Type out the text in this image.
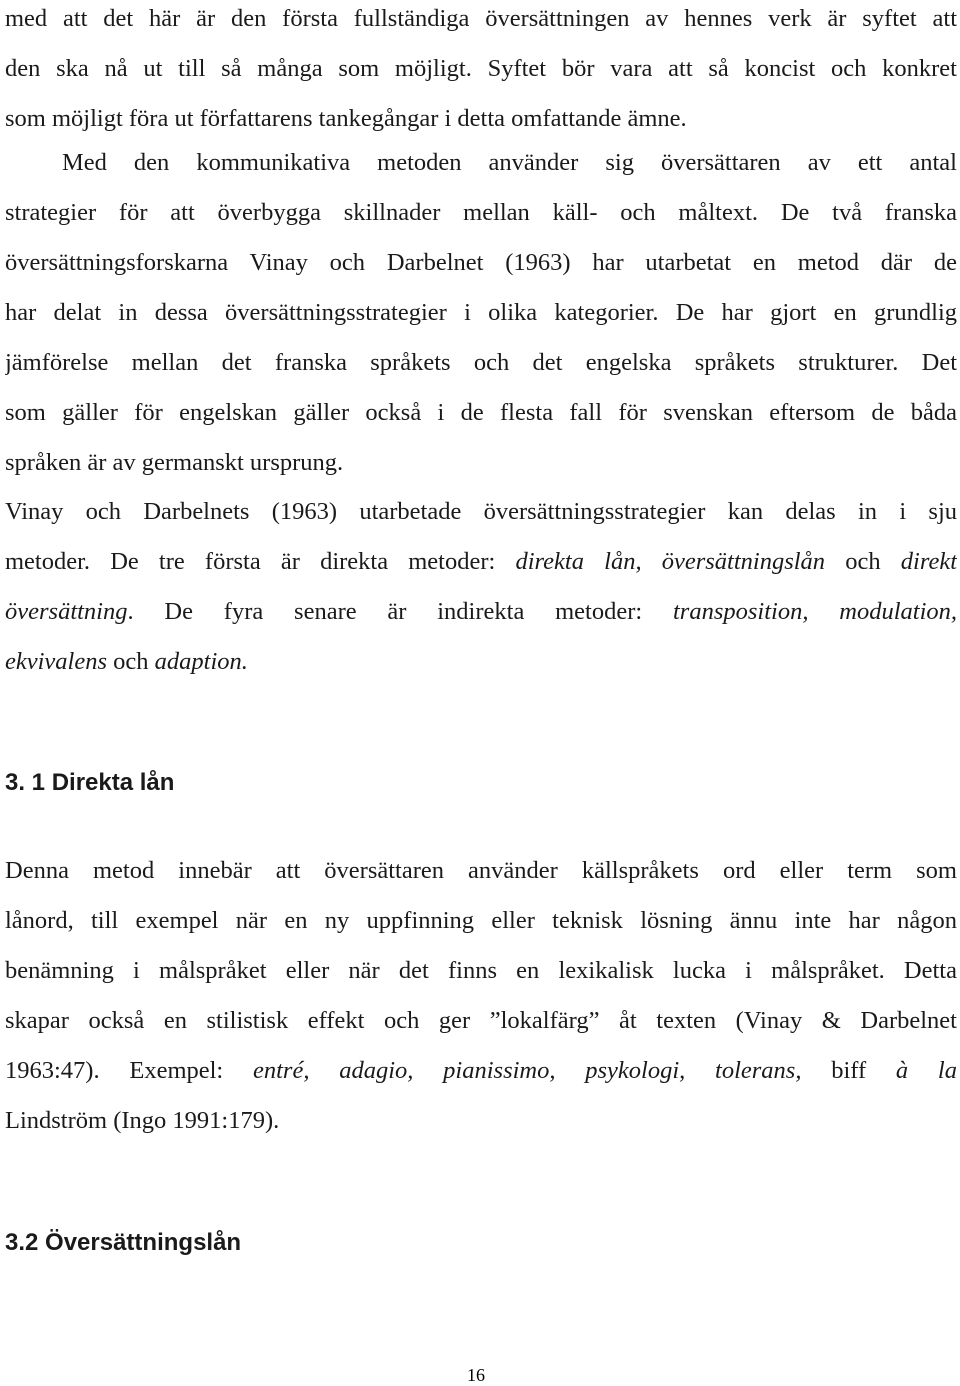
med att det här är den första fullständiga översättningen av hennes verk är syftet att
den ska nå ut till så många som möjligt. Syftet bör vara att så koncist och konkret
som möjligt föra ut författarens tankegångar i detta omfattande ämne.
Med den kommunikativa metoden använder sig översättaren av ett antal
strategier för att överbygga skillnader mellan käll- och måltext. De två franska
översättningsforskarna Vinay och Darbelnet (1963) har utarbetat en metod där de
har delat in dessa översättningsstrategier i olika kategorier. De har gjort en grundlig
jämförelse mellan det franska språkets och det engelska språkets strukturer. Det
som gäller för engelskan gäller också i de flesta fall för svenskan eftersom de båda
språken är av germanskt ursprung.
Vinay och Darbelnets (1963) utarbetade översättningsstrategier kan delas in i sju
metoder. De tre första är direkta metoder: direkta lån, översättningslån och direkt
översättning. De fyra senare är indirekta metoder: transposition, modulation,
ekvivalens och adaption.
3. 1 Direkta lån
Denna metod innebär att översättaren använder källspråkets ord eller term som
lånord, till exempel när en ny uppfinning eller teknisk lösning ännu inte har någon
benämning i målspråket eller när det finns en lexikalisk lucka i målspråket. Detta
skapar också en stilistisk effekt och ger ”lokalfärg” åt texten (Vinay & Darbelnet
1963:47). Exempel: entré, adagio, pianissimo, psykologi, tolerans, biff à la
Lindström (Ingo 1991:179).
3.2 Översättningslån
16
